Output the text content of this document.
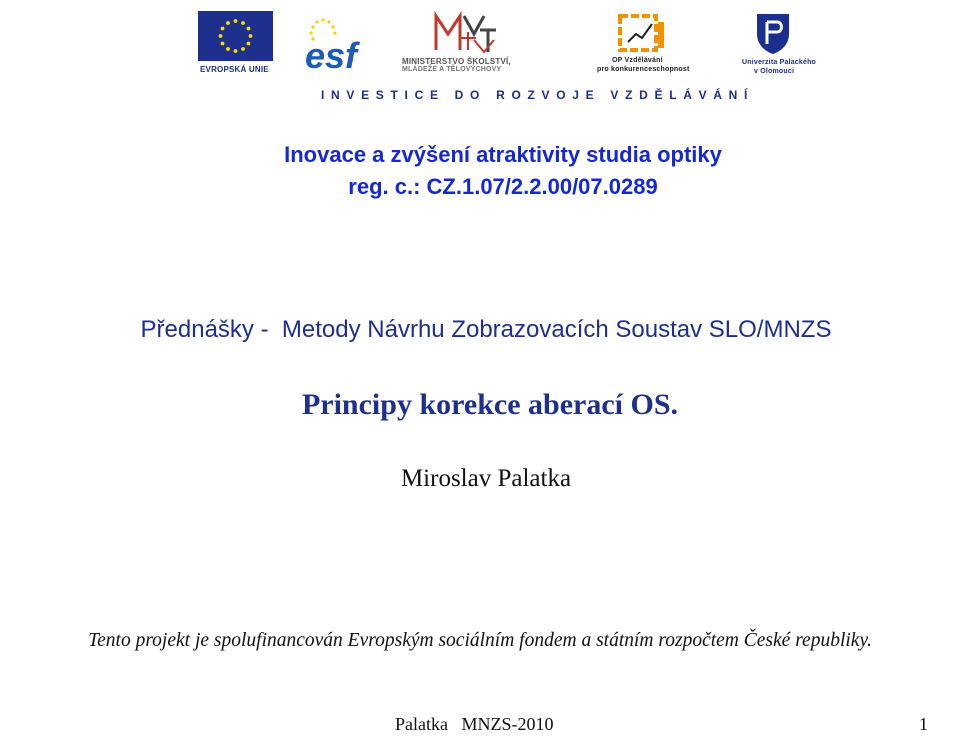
EVROPSKÁ UNIE esf	MINISTERSTVO ŠKOLSTVÍ,
MLÁDEŽE A TĚLOVÝCHOVY
OP Vzdělávání
pro konkurenceschopnost
Univerzita Palackého
v Olomouci
INVESTICE DO ROZVOJE VZDĚLÁVÁNÍ
Inovace a zvýšení atraktivity studia optiky
reg. c.: CZ.1.07/2.2.00/07.0289
Přednášky -  Metody Návrhu Zobrazovacích Soustav SLO/MNZS
Principy korekce aberací OS.
Miroslav Palatka
Tento projekt je spolufinancován Evropským sociálním fondem a státním rozpočtem České republiky.
Palatka   MNZS-2010	1
